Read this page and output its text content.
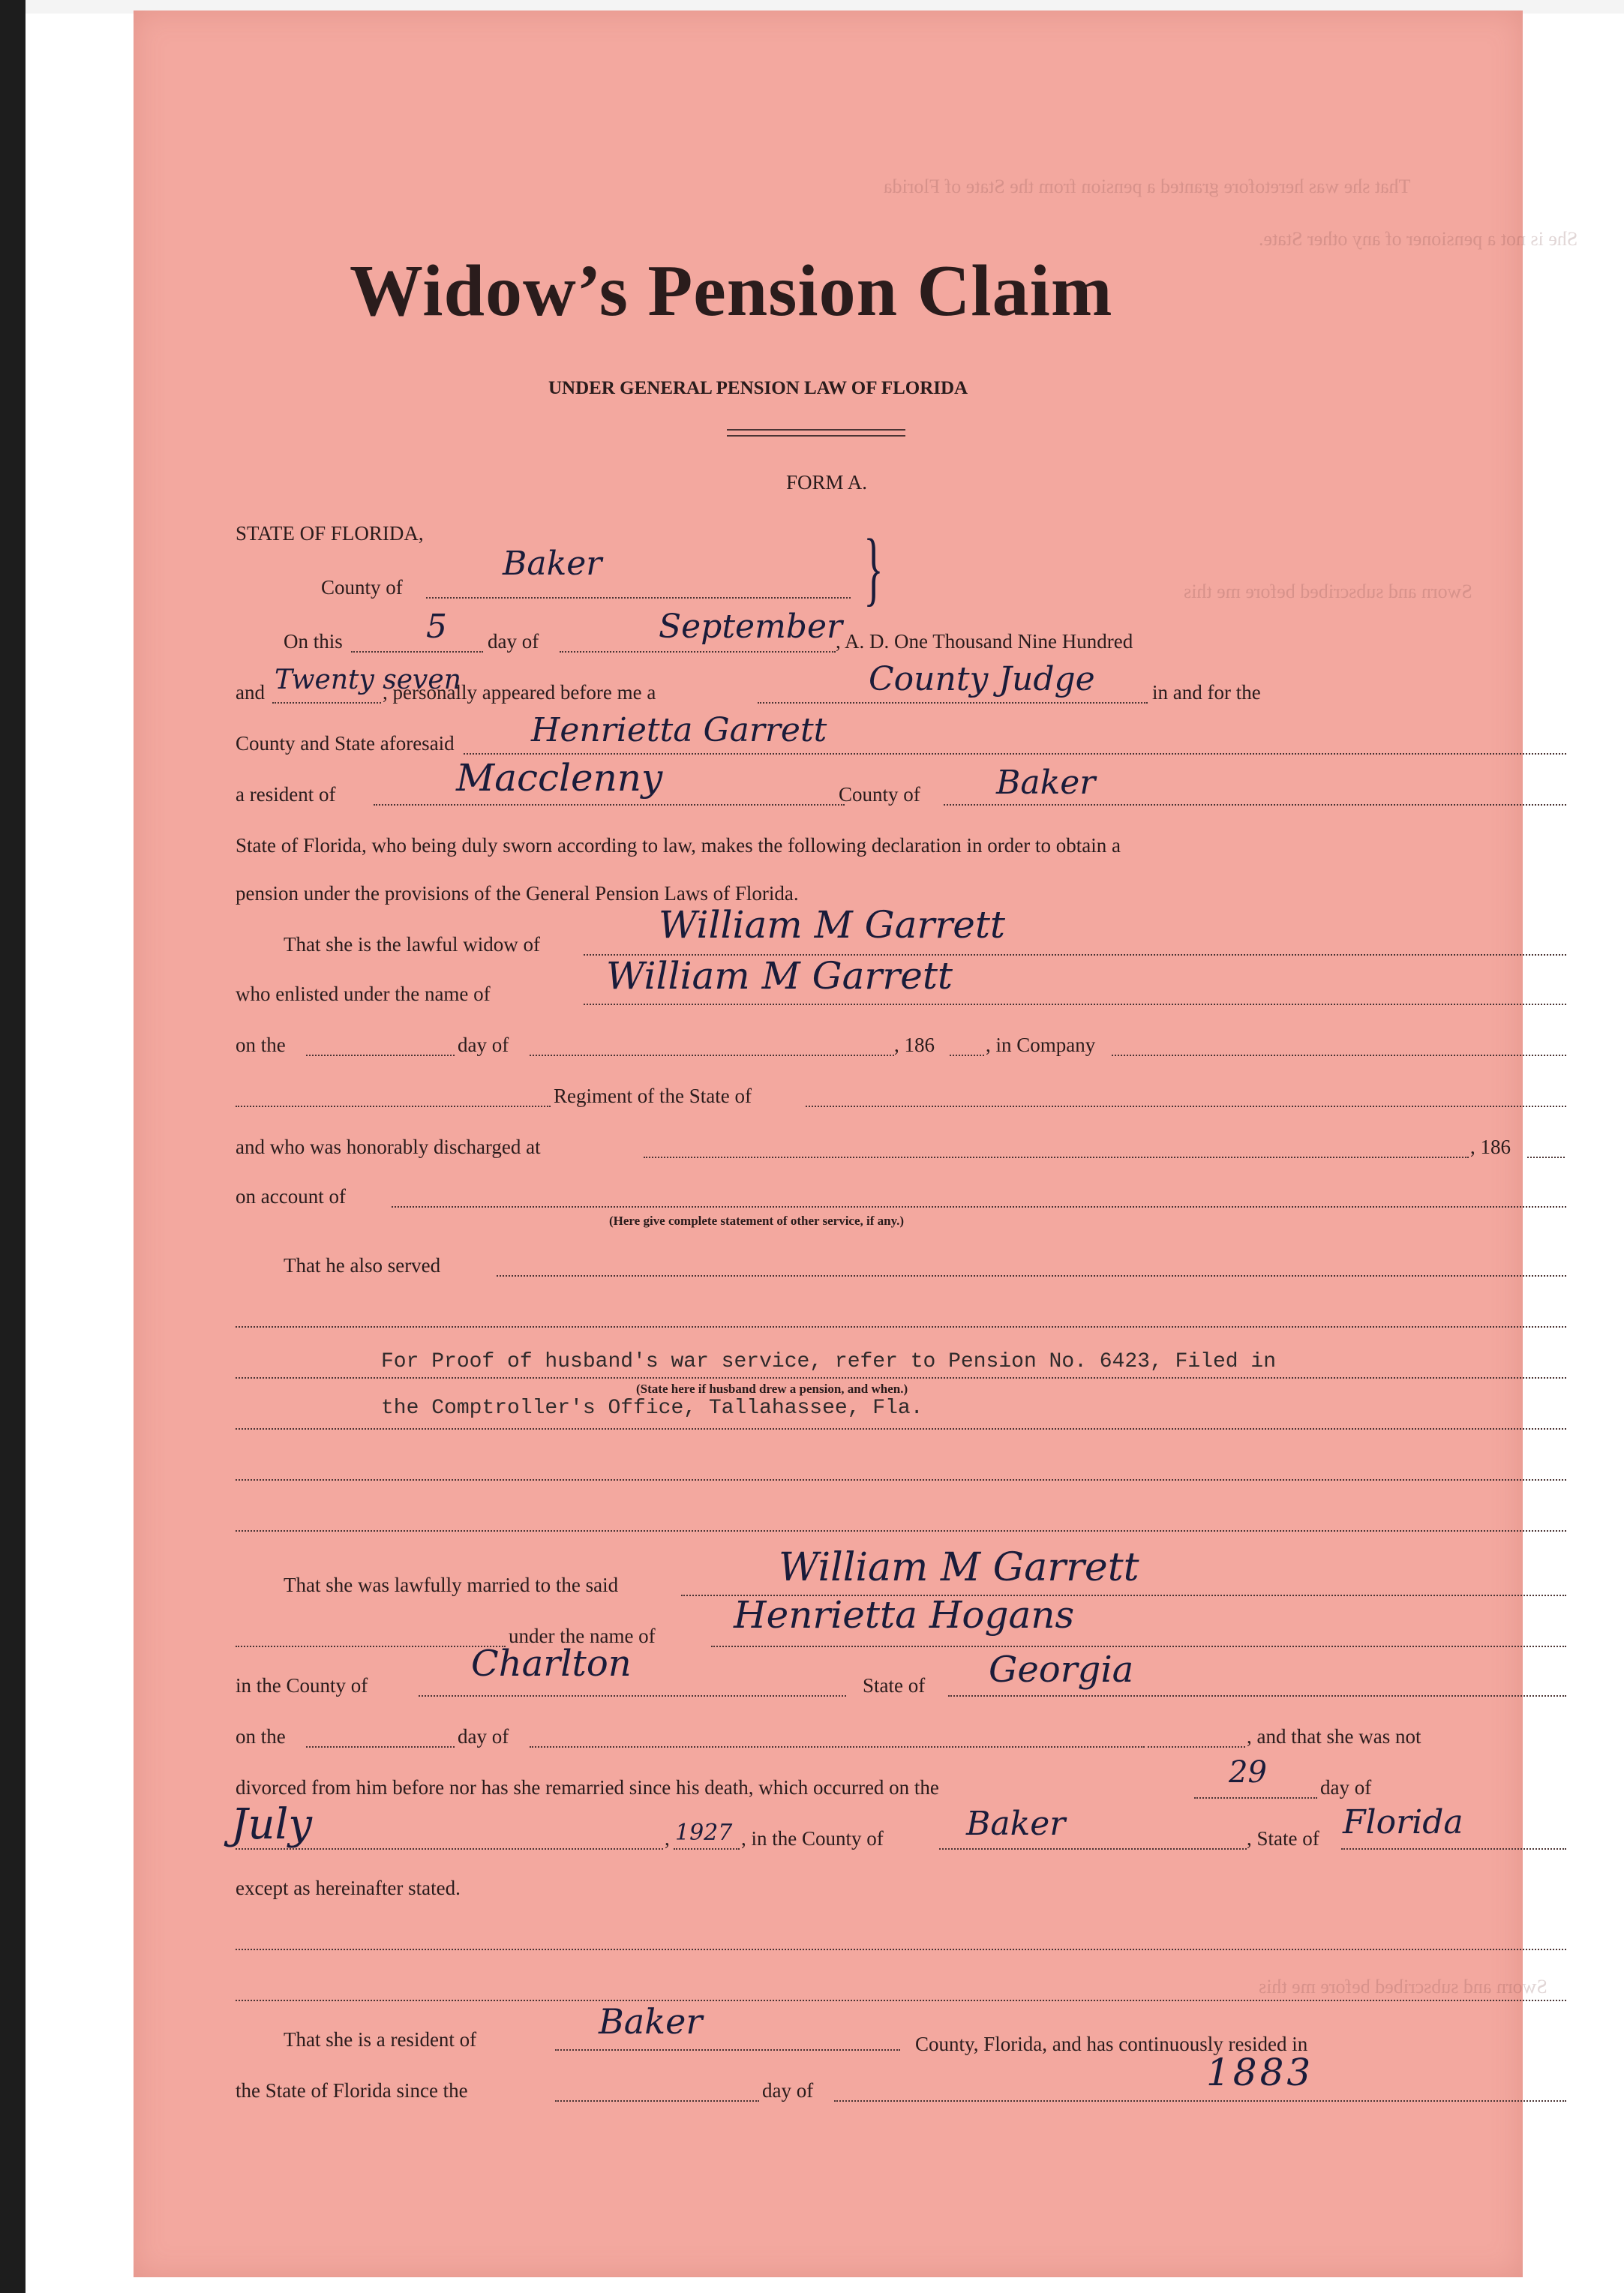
That she was heretofore granted a pension from the State of Florida
She is not a pensioner of any other State.
Sworn and subscribed before me this
Sworn and subscribed before me this
Widow’s Pension Claim
UNDER GENERAL PENSION LAW OF FLORIDA
FORM A.
STATE OF FLORIDA,
County of
Baker	}
On this	5 day of	September
, A. D. One Thousand Nine Hundred
and Twenty seven
, personally appeared before me a	County Judge	in and for the
County and State aforesaid Henrietta Garrett
a resident of	Macclenny	County of Baker
State of Florida, who being duly sworn according to law, makes the following declaration in order to obtain a
pension under the provisions of the General Pension Laws of Florida.
That she is the lawful widow of	William M Garrett
who enlisted under the name of	William M Garrett
on the	day of	, 186	, in Company
Regiment of the State of
and who was honorably discharged at	, 186
on account of
(Here give complete statement of other service, if any.)
That he also served
For Proof of husband's war service, refer to Pension No. 6423, Filed in
(State here if husband drew a pension, and when.)
the Comptroller's Office, Tallahassee, Fla.
That she was lawfully married to the said	William M Garrett
under the name of Henrietta Hogans
in the County of
Charlton
State of Georgia
on the	day of	, and that she was not
divorced from him before nor has she remarried since his death, which occurred on the	29	day of
July	, 1927 , in the County of	Baker	, State of Florida
except as hereinafter stated.
That she is a resident of	Baker
County, Florida, and has continuously resided in
the State of Florida since the	day of	1883
